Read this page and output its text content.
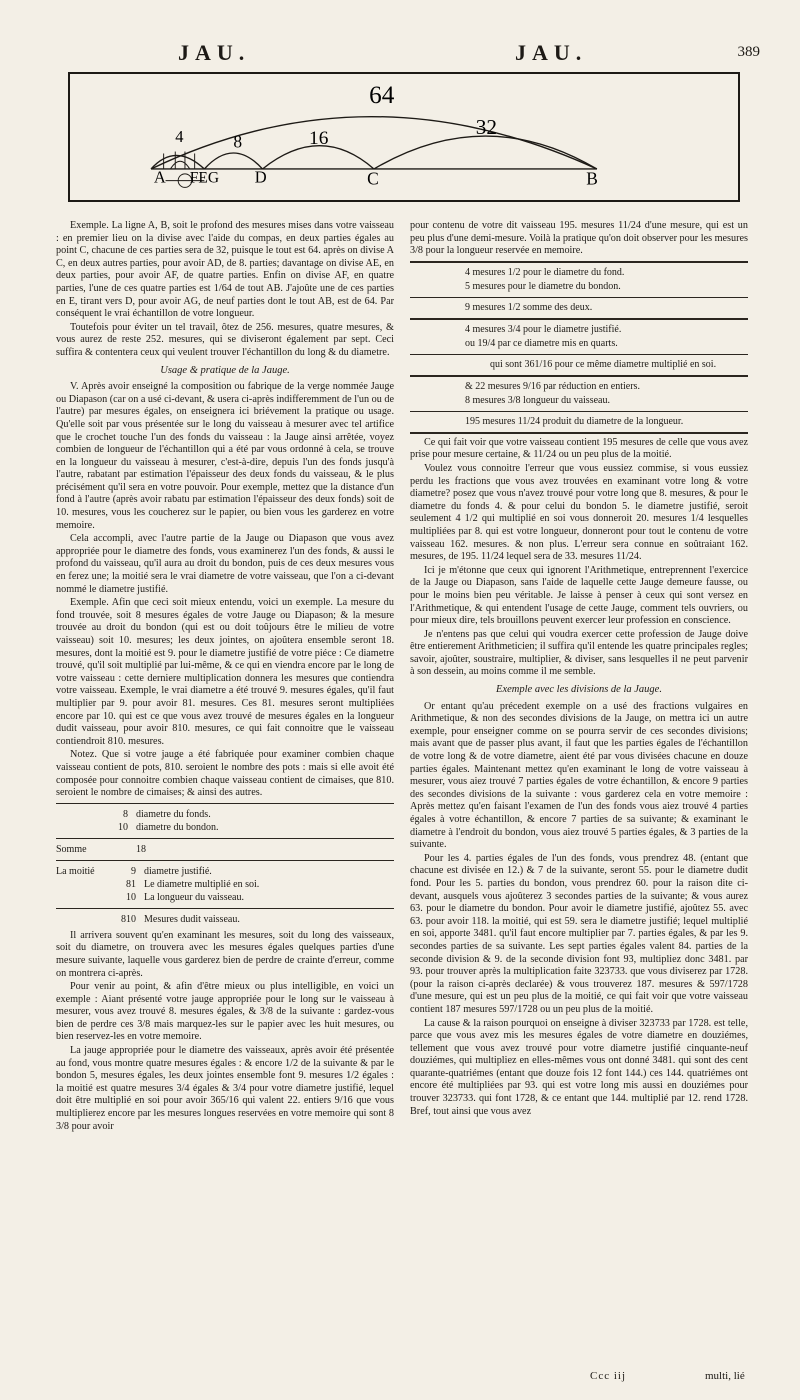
JAU.	JAU.	389
64
32
16
8
4
A FEG D	C	B

Exemple. La ligne A, B, soit le profond des mesures mises dans votre vaisseau : en premier lieu on la divise avec l'aide du compas, en deux parties égales au point C, chacune de ces parties sera de 32, puisque le tout est 64. après on divise A C, en deux autres parties, pour avoir AD, de 8. parties; davantage on divise AE, en deux parties, pour avoir AF, de quatre parties. Enfin on divise AF, en quatre parties, l'une de ces quatre parties est 1/64 de tout AB. J'ajoûte une de ces parties en E, tirant vers D, pour avoir AG, de neuf parties dont le tout AB, est de 64. Par conséquent le vrai échantillon de votre longueur.

Toutefois pour éviter un tel travail, ôtez de 256. mesures, quatre mesures, & vous aurez de reste 252. mesures, qui se diviseront également par sept. Ceci suffira & contentera ceux qui veulent trouver l'échantillon du long & du diametre.

Usage & pratique de la Jauge.

V. Après avoir enseigné la composition ou fabrique de la verge nommée Jauge ou Diapason (car on a usé ci-devant, & usera ci-après indifferemment de l'un ou de l'autre) par mesures égales, on enseignera ici briévement la pratique ou usage. Qu'elle soit par vous présentée sur le long du vaisseau à mesurer avec tel artifice que le crochet touche l'un des fonds du vaisseau : la Jauge ainsi arrêtée, voyez combien de longueur de l'échantillon qui a été par vous ordonné à cela, se trouve en la longueur du vaisseau à mesurer, c'est-à-dire, depuis l'un des fonds jusqu'à l'autre, rabatant par estimation l'épaisseur des deux fonds du vaisseau, & le plus précisément qu'il sera en votre pouvoir. Pour exemple, mettez que la distance d'un fond à l'autre (après avoir rabatu par estimation l'épaisseur des deux fonds) soit de 10. mesures, vous les coucherez sur le papier, ou bien vous les garderez en votre memoire.

Cela accompli, avec l'autre partie de la Jauge ou Diapason que vous avez appropriée pour le diametre des fonds, vous examinerez l'un des fonds, & aussi le profond du vaisseau, qu'il aura au droit du bondon, puis de ces deux mesures vous en ferez une; la moitié sera le vrai diametre de votre vaisseau, que l'on a ci-devant nommé le diametre justifié.

Exemple. Afin que ceci soit mieux entendu, voici un exemple. La mesure du fond trouvée, soit 8 mesures égales de votre Jauge ou Diapason; & la mesure trouvée au droit du bondon (qui est ou doit toûjours être le milieu de votre vaisseau) soit 10. mesures; les deux jointes, on ajoûtera ensemble seront 18. mesures, dont la moitié est 9. pour le diametre justifié de votre piéce : Ce diametre trouvé, qu'il soit multiplié par lui-même, & ce qui en viendra encore par le long de votre vaisseau : cette derniere multiplication donnera les mesures que contiendra votre vaisseau. Exemple, le vrai diametre a été trouvé 9. mesures égales, qu'il faut multiplier par 9. pour avoir 81. mesures. Ces 81. mesures seront multipliées encore par 10. qui est ce que vous avez trouvé de mesures égales en la longueur dudit vaisseau, pour avoir 810. mesures, ce qui fait connoitre que le vaisseau contiendroit 810. mesures.

Notez. Que si votre jauge a été fabriquée pour examiner combien chaque vaisseau contient de pots, 810. seroient le nombre des pots : mais si elle avoit été composée pour connoitre combien chaque vaisseau contient de cimaises, que 810. seroient le nombre de cimaises; & ainsi des autres.

8 diametre du fonds.
10 diametre du bondon.
Somme	18
La moitié	9 diametre justifié.
81 Le diametre multiplié en soi.
10 La longueur du vaisseau.
810 Mesures dudit vaisseau.

Il arrivera souvent qu'en examinant les mesures, soit du long des vaisseaux, soit du diametre, on trouvera avec les mesures égales quelques parties d'une mesure suivante, laquelle vous garderez bien de perdre de crainte d'erreur, comme on montrera ci-après.

Pour venir au point, & afin d'être mieux ou plus intelligible, en voici un exemple : Aiant présenté votre jauge appropriée pour le long sur le vaisseau à mesurer, vous avez trouvé 8. mesures égales, & 3/8 de la suivante : gardez-vous bien de perdre ces 3/8 mais marquez-les sur le papier avec les huit mesures, ou bien reservez-les en votre memoire.

La jauge appropriée pour le diametre des vaisseaux, après avoir été présentée au fond, vous montre quatre mesures égales : & encore 1/2 de la suivante & par le bondon 5, mesures égales, les deux jointes ensemble font 9. mesures 1/2 égales : la moitié est quatre mesures 3/4 égales & 3/4 pour votre diametre justifié, lequel doit être multiplié en soi pour avoir 365/16 qui valent 22. entiers 9/16 que vous multiplierez encore par les mesures longues reservées en votre memoire qui sont 8 3/8 pour avoir

pour contenu de votre dit vaisseau 195. mesures 11/24 d'une mesure, qui est un peu plus d'une demi-mesure. Voilà la pratique qu'on doit observer pour les mesures 3/8 pour la longueur reservée en memoire.

4 mesures 1/2 pour le diametre du fond.
5 mesures pour le diametre du bondon.
9 mesures 1/2 somme des deux.
4 mesures 3/4 pour le diametre justifié.
ou 19/4 par ce diametre mis en quarts.
qui sont 361/16 pour ce même diametre multiplié en soi.
& 22 mesures 9/16 par réduction en entiers.
8 mesures 3/8 longueur du vaisseau.
195 mesures 11/24 produit du diametre de la longueur.

Ce qui fait voir que votre vaisseau contient 195 mesures de celle que vous avez prise pour mesure certaine, & 11/24 ou un peu plus de la moitié.

Voulez vous connoitre l'erreur que vous eussiez commise, si vous eussiez perdu les fractions que vous avez trouvées en examinant votre long & votre diametre? posez que vous n'avez trouvé pour votre long que 8. mesures, & pour le diametre du fonds 4. & pour celui du bondon 5. le diametre justifié, seroit seulement 4 1/2 qui multiplié en soi vous donneroit 20. mesures 1/4 lesquelles multipliées par 8. qui est votre longueur, donneront pour tout le contenu de votre vaisseau 162. mesures. & non plus. L'erreur sera connue en soûtraiant 162. mesures, de 195. 11/24 lequel sera de 33. mesures 11/24.

Ici je m'étonne que ceux qui ignorent l'Arithmetique, entreprennent l'exercice de la Jauge ou Diapason, sans l'aide de laquelle cette Jauge demeure fausse, ou pour le moins bien peu véritable. Je laisse à penser à ceux qui sont versez en l'Arithmetique, & qui entendent l'usage de cette Jauge, comment tels ouvriers, ou pour mieux dire, tels brouillons peuvent exercer leur profession en conscience.

Je n'entens pas que celui qui voudra exercer cette profession de Jauge doive être entierement Arithmeticien; il suffira qu'il entende les quatre principales regles; savoir, ajoûter, soustraire, multiplier, & diviser, sans lesquelles il ne peut parvenir à son dessein, au moins comme il me semble.

Exemple avec les divisions de la Jauge.

Or entant qu'au précedent exemple on a usé des fractions vulgaires en Arithmetique, & non des secondes divisions de la Jauge, on mettra ici un autre exemple, pour enseigner comme on se pourra servir de ces secondes divisions; mais avant que de passer plus avant, il faut que les parties égales de l'échantillon de votre long & de votre diametre, aient été par vous divisées chacune en douze parties égales. Maintenant mettez qu'en examinant le long de votre vaisseau à mesurer, vous aiez trouvé 7 parties égales de votre échantillon, & encore 9 parties des secondes divisions de la suivante : vous garderez cela en votre memoire : Après mettez qu'en faisant l'examen de l'un des fonds vous aiez trouvé 4 parties égales à votre échantillon, & encore 7 parties de sa suivante; & examinant le diametre à l'endroit du bondon, vous aiez trouvé 5 parties égales, & 3 parties de la suivante.

Pour les 4. parties égales de l'un des fonds, vous prendrez 48. (entant que chacune est divisée en 12.) & 7 de la suivante, seront 55. pour le diametre dudit fond. Pour les 5. parties du bondon, vous prendrez 60. pour la raison dite ci-devant, ausquels vous ajoûterez 3 secondes parties de la suivante; & vous aurez 63. pour le diametre du bondon. Pour avoir le diametre justifié, ajoûtez 55. avec 63. pour avoir 118. la moitié, qui est 59. sera le diametre justifié; lequel multiplié en soi, apporte 3481. qu'il faut encore multiplier par 7. parties égales, & par les 9. secondes parties de sa suivante. Les sept parties égales valent 84. parties de la seconde division & 9. de la seconde division font 93, multipliez donc 3481. par 93. pour trouver après la multiplication faite 323733. que vous diviserez par 1728. (pour la raison ci-après declarée) & vous trouverez 187. mesures & 597/1728 d'une mesure, qui est un peu plus de la moitié, ce qui fait voir que votre vaisseau contient 187 mesures 597/1728 ou un peu plus de la moitié.

La cause & la raison pourquoi on enseigne à diviser 323733 par 1728. est telle, parce que vous avez mis les mesures égales de votre diametre en douziémes, tellement que vous avez trouvé pour votre diametre justifié cinquante-neuf douziémes, qui multipliez en elles-mêmes vous ont donné 3481. qui sont des cent quarante-quatriémes (entant que douze fois 12 font 144.) ces 144. quatriémes ont encore été multipliées par 93. qui est votre long mis aussi en douziémes pour trouver 323733. qui font 1728, & ce entant que 144. multiplié par 12. rend 1728. Bref, tout ainsi que vous avez

Ccc iij	multi, lié
